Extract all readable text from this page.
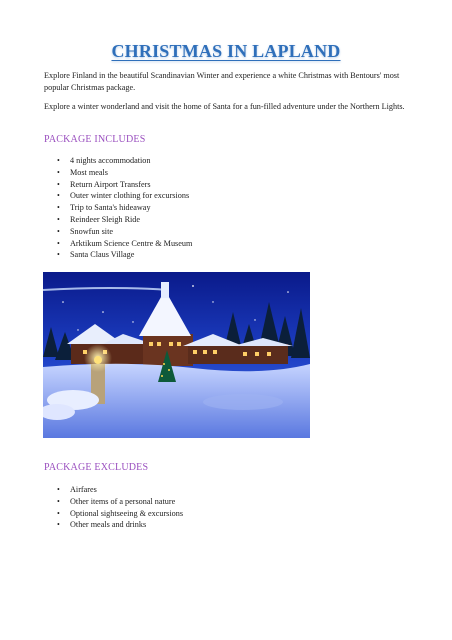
CHRISTMAS IN LAPLAND

Explore Finland in the beautiful Scandinavian Winter and experience a white Christmas with Bentours' most popular Christmas package.

Explore a winter wonderland and visit the home of Santa for a fun-filled adventure under the Northern Lights.

PACKAGE INCLUDES
• 4 nights accommodation
• Most meals
• Return Airport Transfers
• Outer winter clothing for excursions
• Trip to Santa's hideaway
• Reindeer Sleigh Ride
• Snowfun site
• Arktikum Science Centre & Museum
• Santa Claus Village
PACKAGE EXCLUDES
• Airfares
• Other items of a personal nature
• Optional sightseeing & excursions
• Other meals and drinks
